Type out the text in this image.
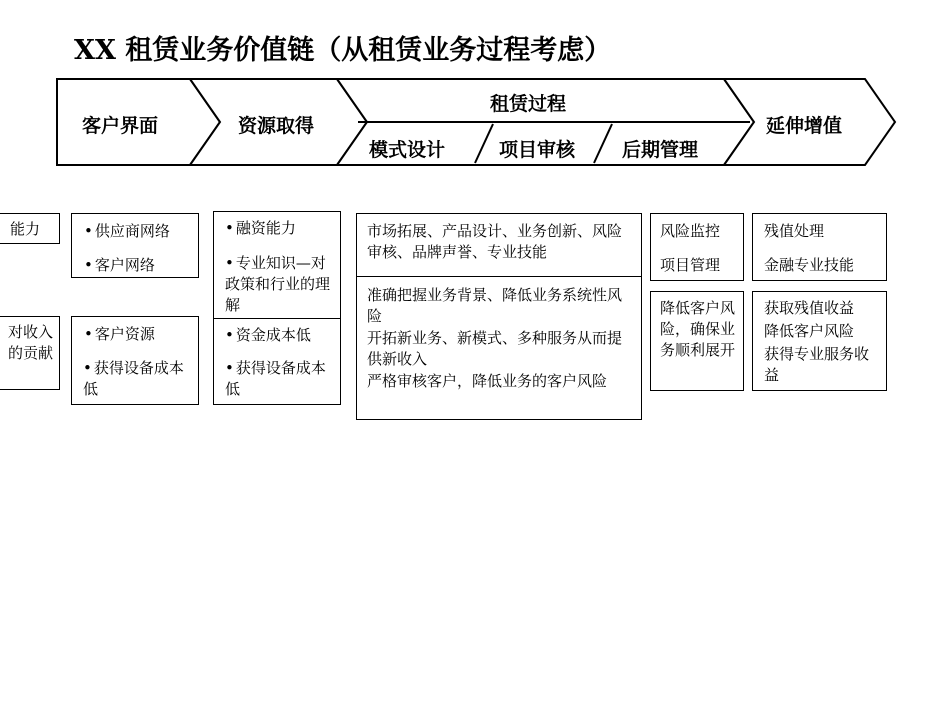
XX 租赁业务价值链（从租赁业务过程考虑）
客户界面	资源取得
租赁过程
模式设计	项目审核 后期管理
延伸增值
能力
对收入的贡献
• 供应商网络
• 客户网络
• 客户资源
• 获得设备成本低
• 融资能力
• 专业知识—对政策和行业的理解
• 资金成本低
• 获得设备成本低
市场拓展、产品设计、业务创新、风险审核、品牌声誉、专业技能
准确把握业务背景、降低业务系统性风险
开拓新业务、新模式、多种服务从而提供新收入
严格审核客户，降低业务的客户风险
风险监控
项目管理
降低客户风险，确保业务顺利展开
残值处理
金融专业技能
获取残值收益
降低客户风险
获得专业服务收益
